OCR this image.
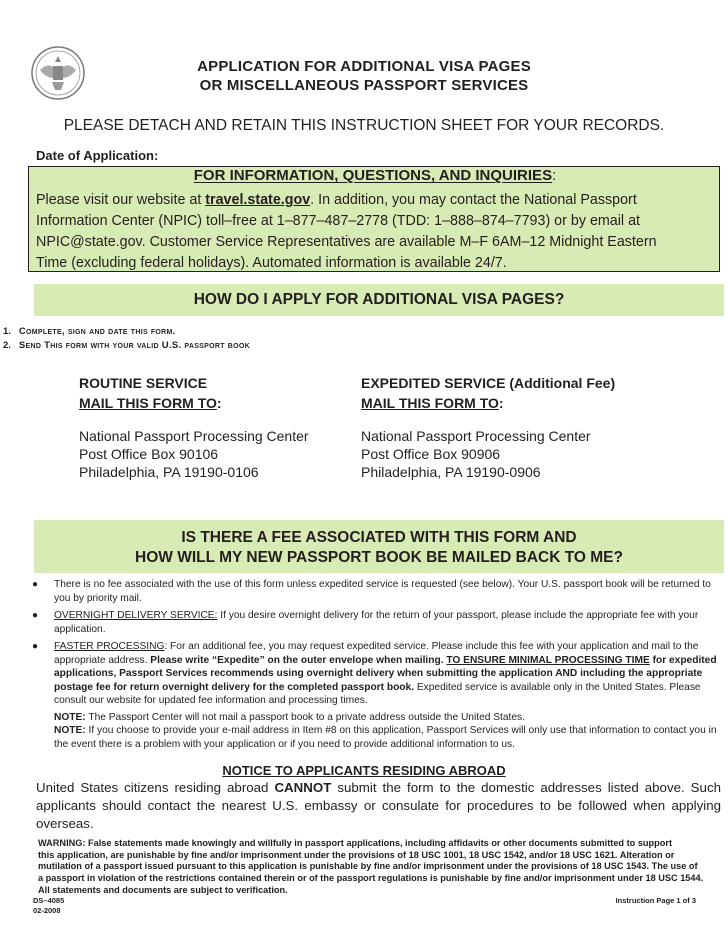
APPLICATION FOR ADDITIONAL VISA PAGES
OR MISCELLANEOUS PASSPORT SERVICES
PLEASE DETACH AND RETAIN THIS INSTRUCTION SHEET FOR YOUR RECORDS.
Date of Application:
FOR INFORMATION, QUESTIONS, AND INQUIRIES:
Please visit our website at travel.state.gov. In addition, you may contact the National Passport
Information Center (NPIC) toll–free at 1–877–487–2778 (TDD: 1–888–874–7793) or by email at
NPIC@state.gov. Customer Service Representatives are available M–F 6AM–12 Midnight Eastern
Time (excluding federal holidays). Automated information is available 24/7.
HOW DO I APPLY FOR ADDITIONAL VISA PAGES?
1. Complete, sign and date this form.
2. Send This form with your valid U.S. passport book
ROUTINE SERVICE
MAIL THIS FORM TO:
National Passport Processing Center
Post Office Box 90106
Philadelphia, PA 19190-0106
EXPEDITED SERVICE (Additional Fee)
MAIL THIS FORM TO:
National Passport Processing Center
Post Office Box 90906
Philadelphia, PA 19190-0906
IS THERE A FEE ASSOCIATED WITH THIS FORM AND
HOW WILL MY NEW PASSPORT BOOK BE MAILED BACK TO ME?
● There is no fee associated with the use of this form unless expedited service is requested (see below). Your U.S. passport book will be returned to you by priority mail.
● OVERNIGHT DELIVERY SERVICE: If you desire overnight delivery for the return of your passport, please include the appropriate fee with your application.
● FASTER PROCESSING: For an additional fee, you may request expedited service. Please include this fee with your application and mail to the appropriate address. Please write “Expedite” on the outer envelope when mailing. TO ENSURE MINIMAL PROCESSING TIME for expedited applications, Passport Services recommends using overnight delivery when submitting the application AND including the appropriate postage fee for return overnight delivery for the completed passport book. Expedited service is available only in the United States. Please consult our website for updated fee information and processing times.
NOTE: The Passport Center will not mail a passport book to a private address outside the United States.
NOTE: If you choose to provide your e-mail address in Item #8 on this application, Passport Services will only use that information to contact you in the event there is a problem with your application or if you need to provide additional information to us.
NOTICE TO APPLICANTS RESIDING ABROAD
United States citizens residing abroad CANNOT submit the form to the domestic addresses listed above. Such applicants should contact the nearest U.S. embassy or consulate for procedures to be followed when applying overseas.
WARNING: False statements made knowingly and willfully in passport applications, including affidavits or other documents submitted to support
this application, are punishable by fine and/or imprisonment under the provisions of 18 USC 1001, 18 USC 1542, and/or 18 USC 1621. Alteration or
mutilation of a passport issued pursuant to this application is punishable by fine and/or imprisonment under the provisions of 18 USC 1543. The use of
a passport in violation of the restrictions contained therein or of the passport regulations is punishable by fine and/or imprisonment under 18 USC 1544.
All statements and documents are subject to verification.
DS–4085
02-2008
Instruction Page 1 of 3
